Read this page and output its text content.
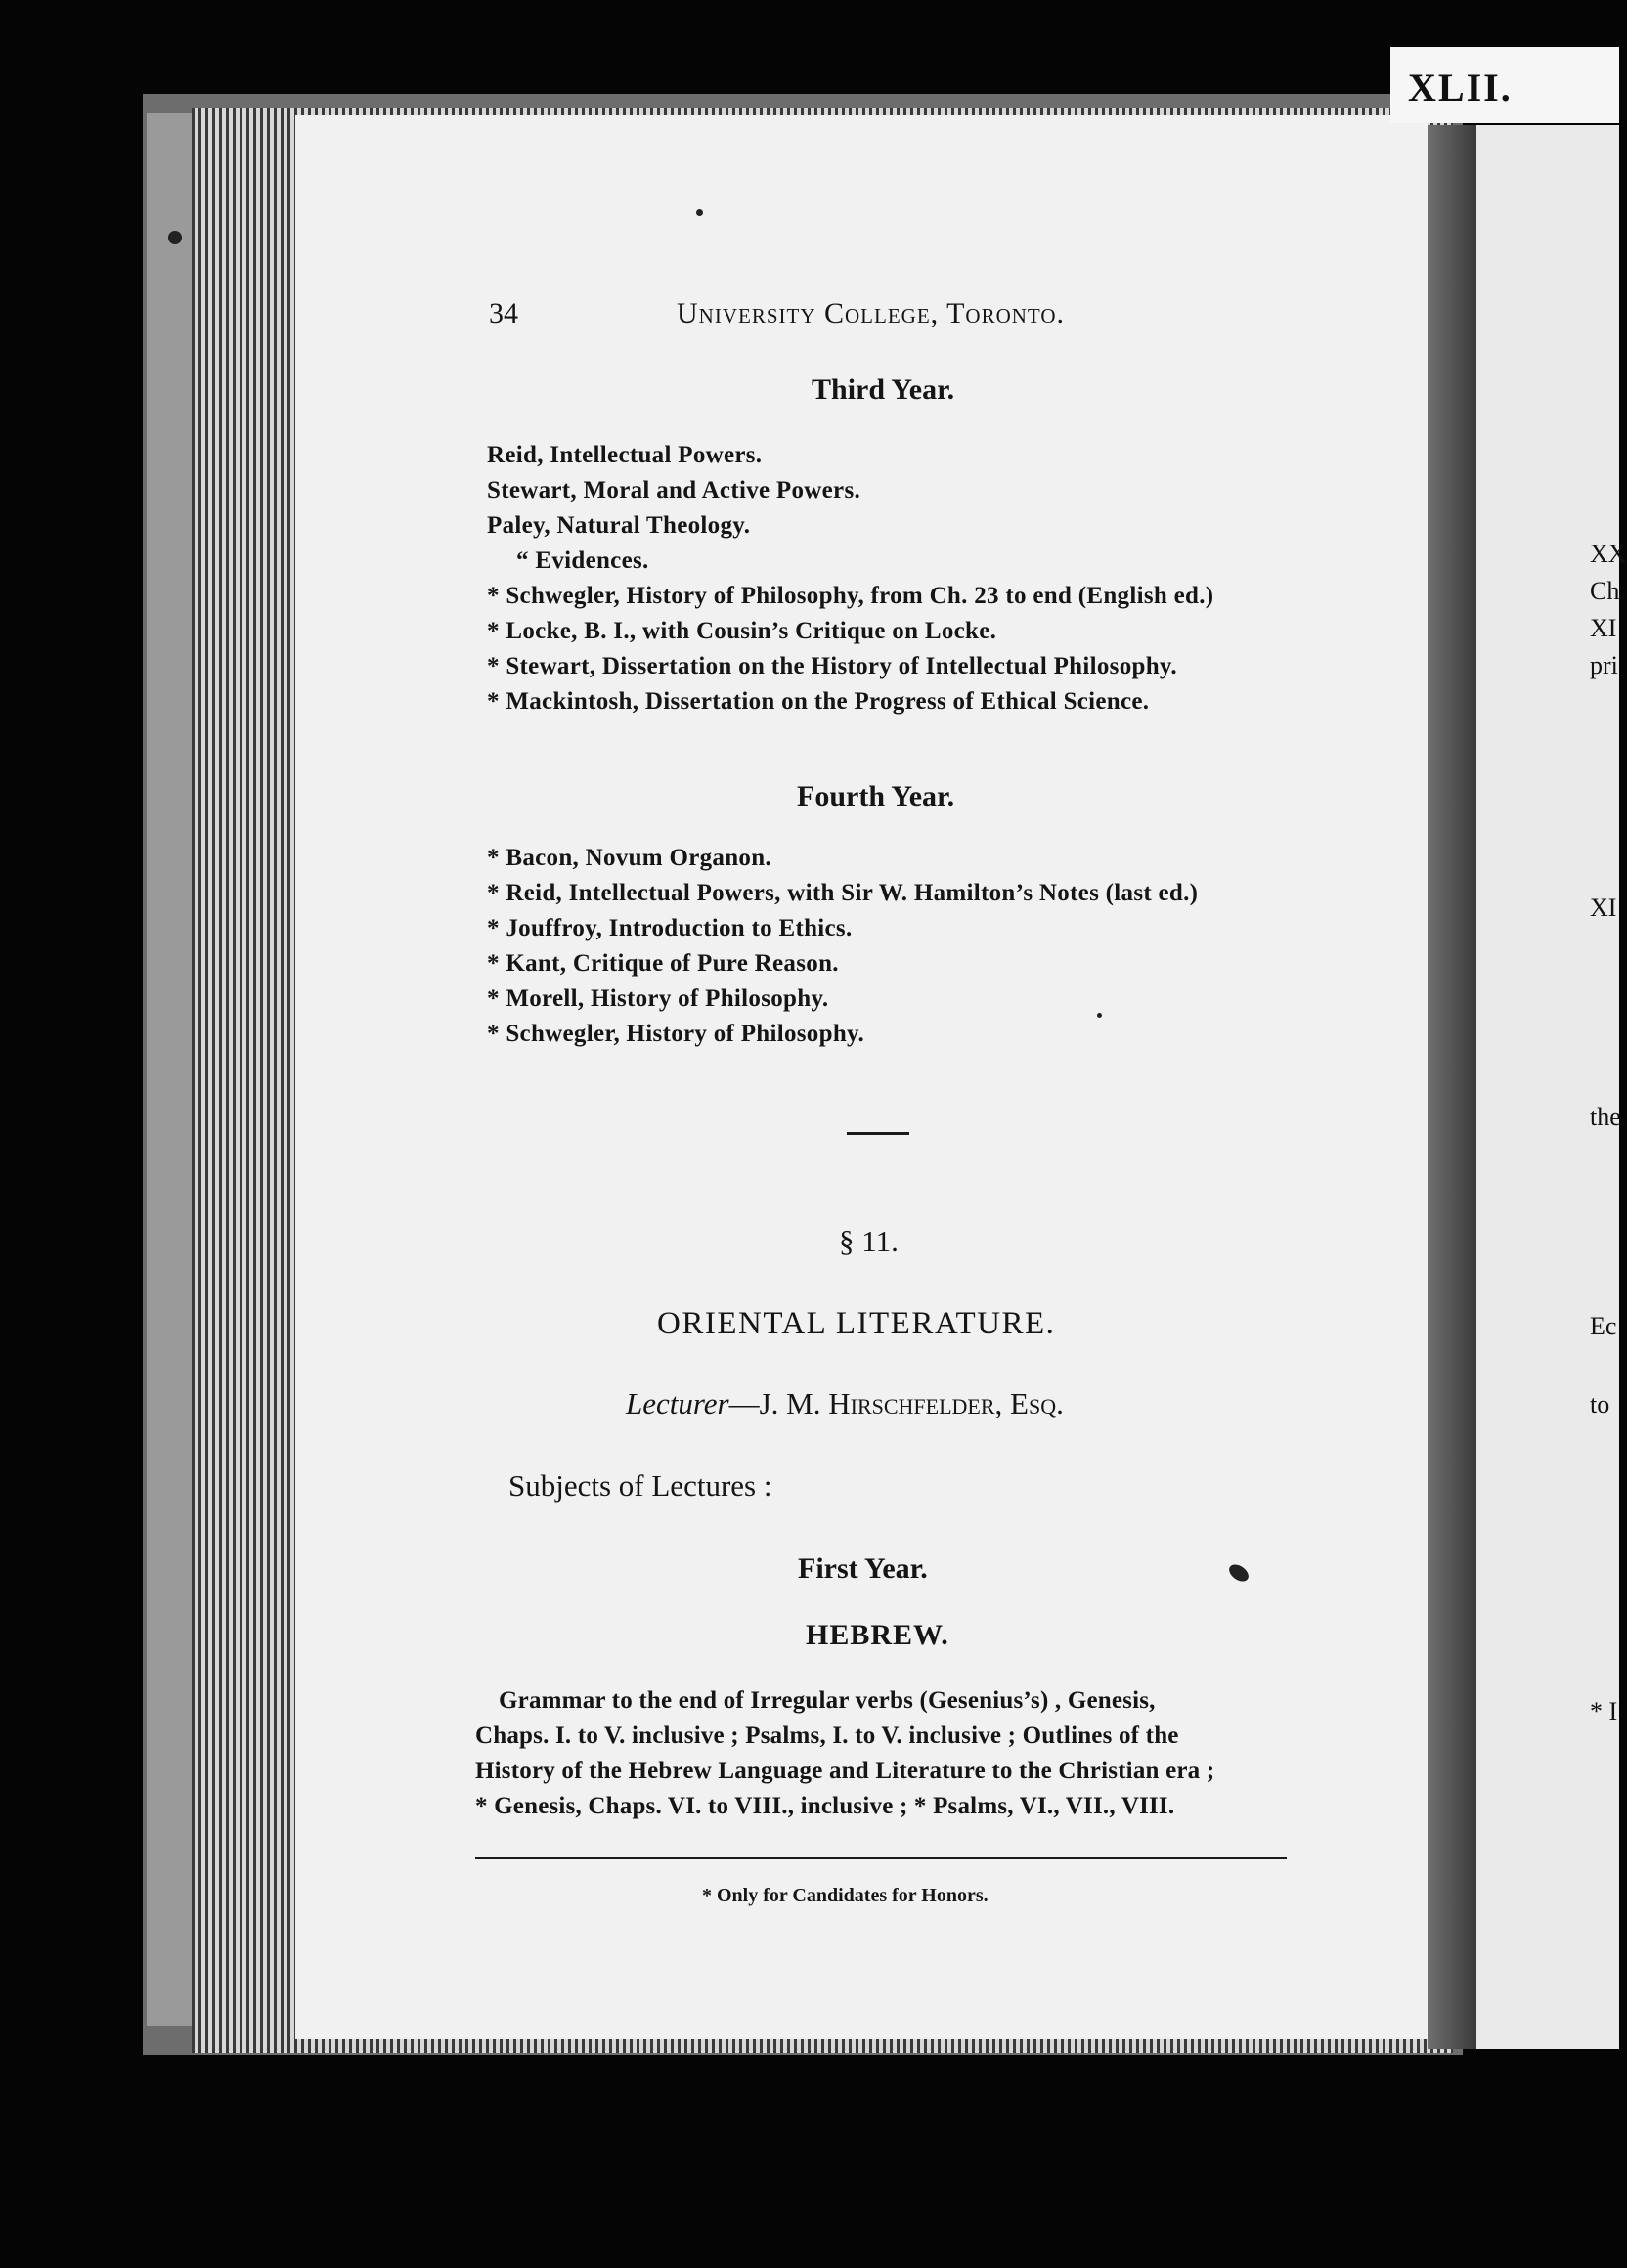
XLII.
XX
Ch
XI
pri
XI
the
Ec
to
* I
34	University College, Toronto.
Third Year.
Reid, Intellectual Powers.
Stewart, Moral and Active Powers.
Paley, Natural Theology.
“ Evidences.
* Schwegler, History of Philosophy, from Ch. 23 to end (English ed.)
* Locke, B. I., with Cousin’s Critique on Locke.
* Stewart, Dissertation on the History of Intellectual Philosophy.
* Mackintosh, Dissertation on the Progress of Ethical Science.
Fourth Year.
* Bacon, Novum Organon.
* Reid, Intellectual Powers, with Sir W. Hamilton’s Notes (last ed.)
* Jouffroy, Introduction to Ethics.
* Kant, Critique of Pure Reason.
* Morell, History of Philosophy.
* Schwegler, History of Philosophy.
§ 11.
ORIENTAL LITERATURE.
Lecturer—J. M. Hirschfelder, Esq.
Subjects of Lectures :
First Year.
HEBREW.
Grammar to the end of Irregular verbs (Gesenius’s) , Genesis,
Chaps. I. to V. inclusive ; Psalms, I. to V. inclusive ; Outlines of the
History of the Hebrew Language and Literature to the Christian era ;
* Genesis, Chaps. VI. to VIII., inclusive ; * Psalms, VI., VII., VIII.
* Only for Candidates for Honors.
